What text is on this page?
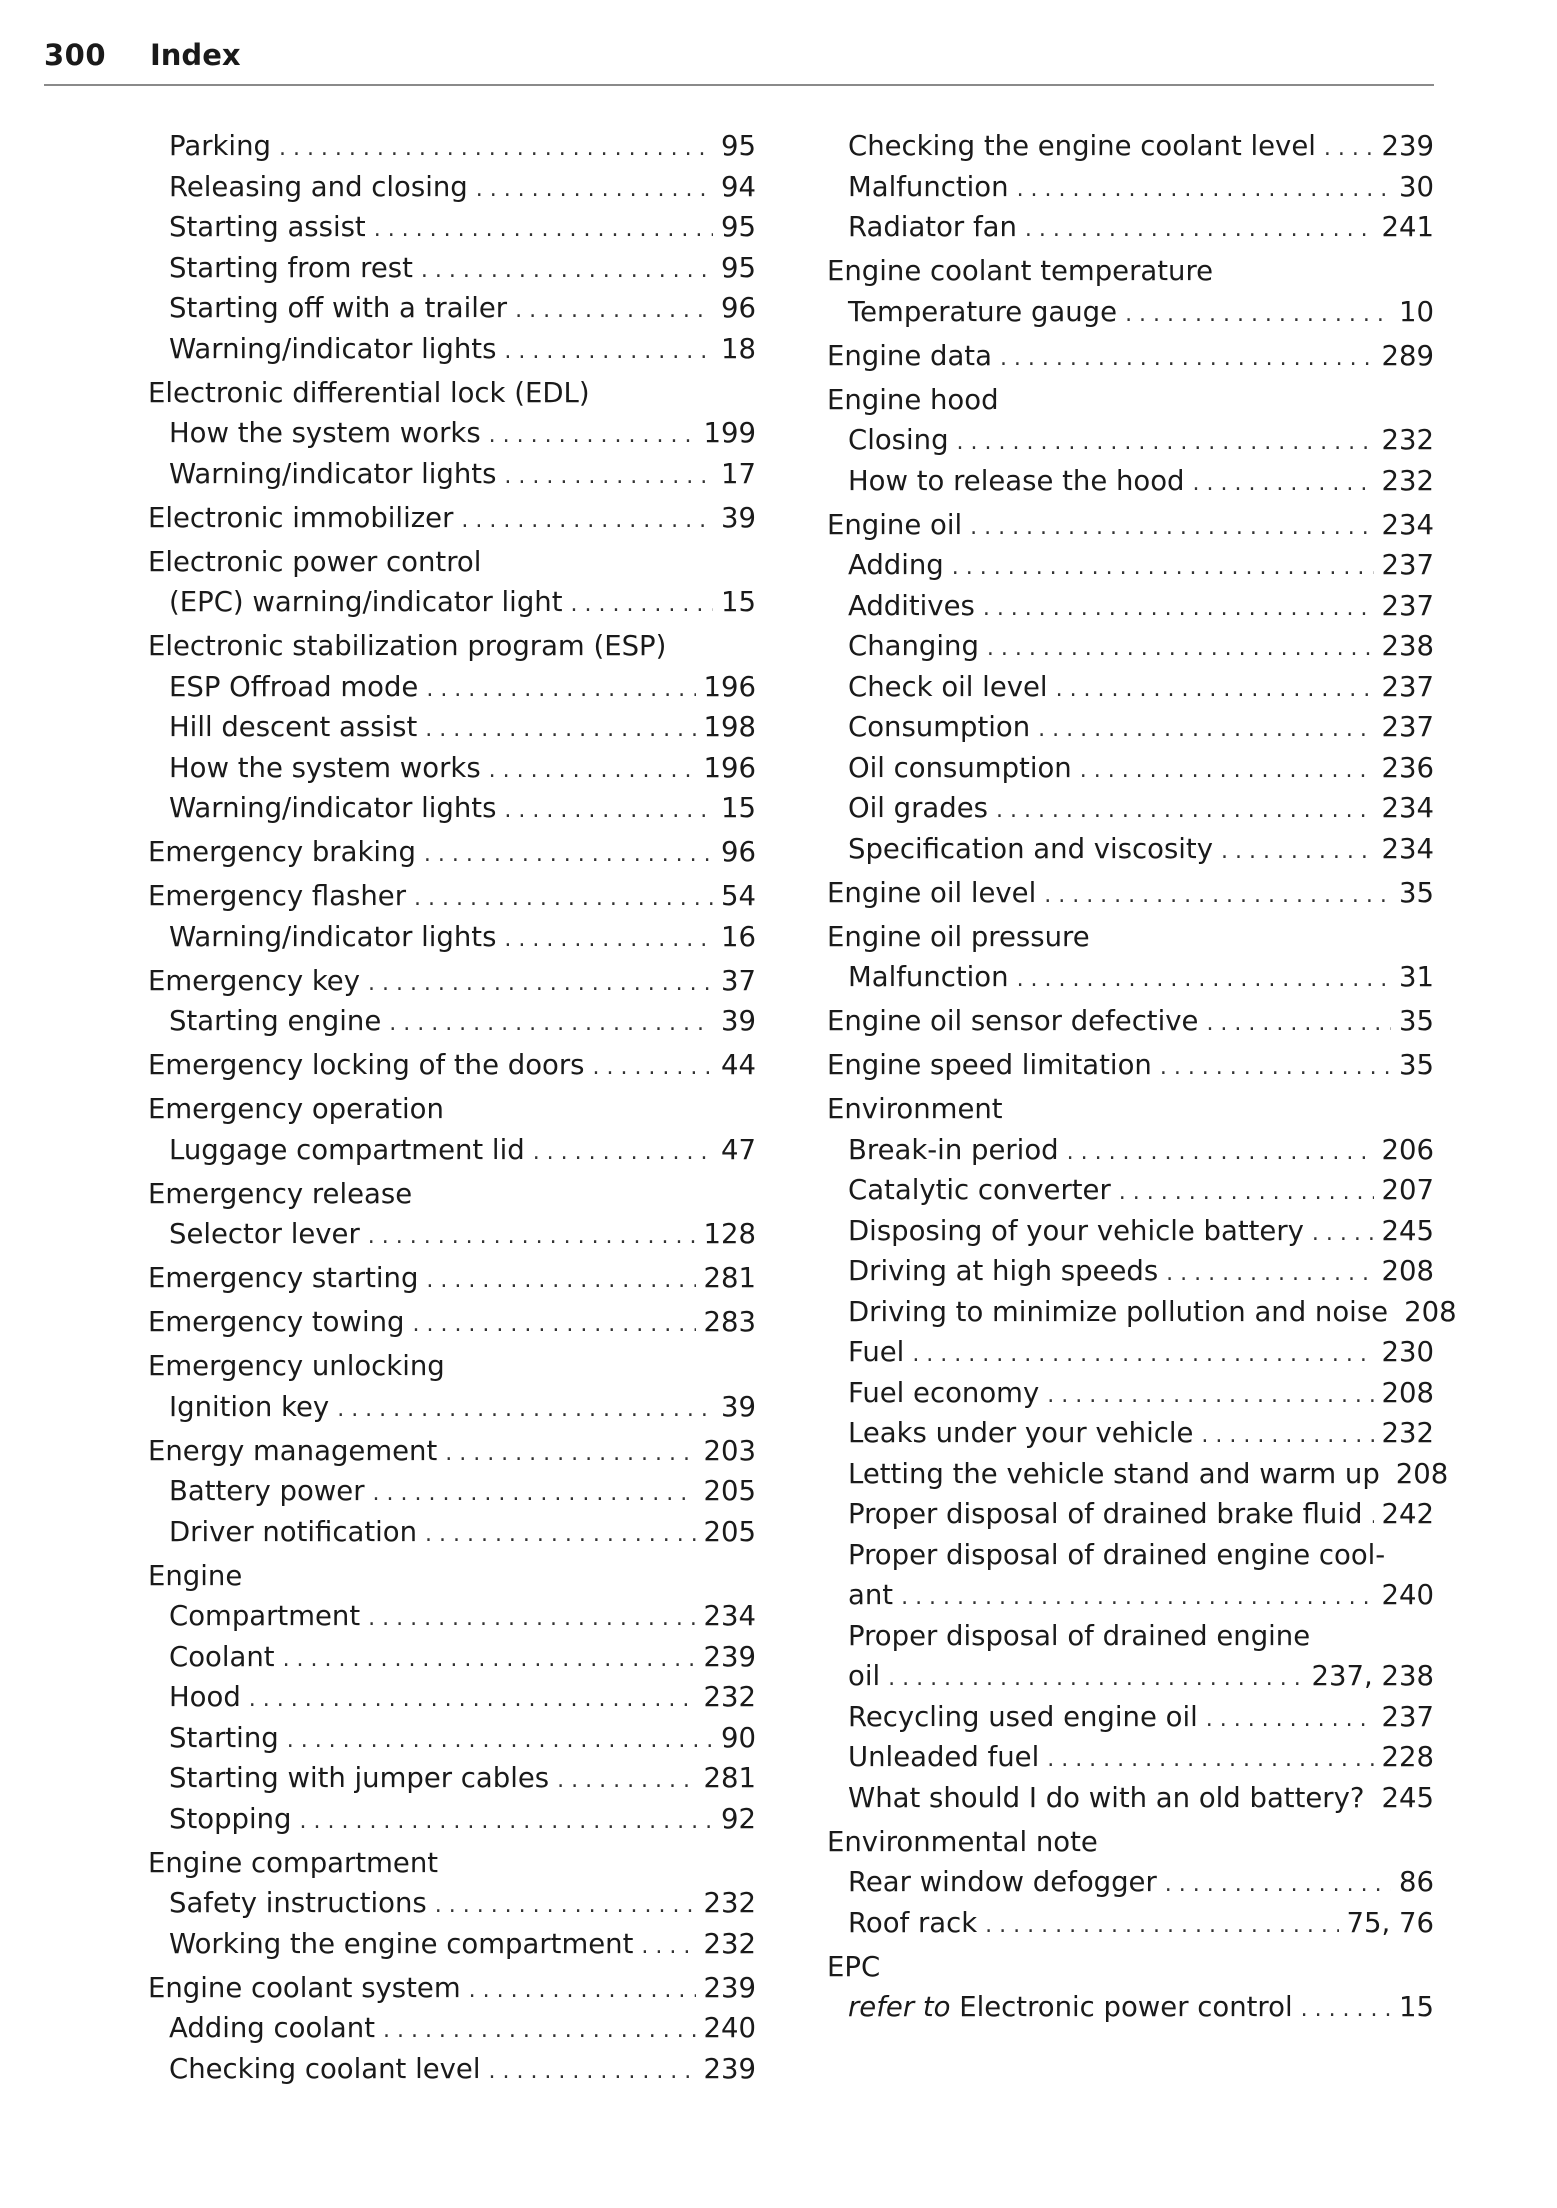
300	Index
Parking . . .	95
Releasing and closing . . .	94
Starting assist . . .	95
Starting from rest . . .	95
Starting off with a trailer . . .	96
Warning/indicator lights . . .	18
Electronic differential lock (EDL)
How the system works . . .	199
Warning/indicator lights . . .	17
Electronic immobilizer . . .	39
Electronic power control
(EPC) warning/indicator light . . .	15
Electronic stabilization program (ESP)
ESP Offroad mode . . .	196
Hill descent assist . . .	198
How the system works . . .	196
Warning/indicator lights . . .	15
Emergency braking . . .	96
Emergency flasher . . .	54
Warning/indicator lights . . .	16
Emergency key . . .	37
Starting engine . . .	39
Emergency locking of the doors . . .	44
Emergency operation
Luggage compartment lid . . .	47
Emergency release
Selector lever . . .	128
Emergency starting . . .	281
Emergency towing . . .	283
Emergency unlocking
Ignition key . . .	39
Energy management . . .	203
Battery power . . .	205
Driver notification . . .	205
Engine
Compartment . . .	234
Coolant . . .	239
Hood . . .	232
Starting . . .	90
Starting with jumper cables . . .	281
Stopping . . .	92
Engine compartment
Safety instructions . . .	232
Working the engine compartment . . .	232
Engine coolant system . . .	239
Adding coolant . . .	240
Checking coolant level . . .	239
Checking the engine coolant level . . . 239
Malfunction . . .	30
Radiator fan . . .	241
Engine coolant temperature
Temperature gauge . . .	10
Engine data . . .	289
Engine hood
Closing . . .	232
How to release the hood . . .	232
Engine oil . . .	234
Adding . . .	237
Additives . . .	237
Changing . . .	238
Check oil level . . .	237
Consumption . . .	237
Oil consumption . . .	236
Oil grades . . .	234
Specification and viscosity . . .	234
Engine oil level . . .	35
Engine oil pressure
Malfunction . . .	31
Engine oil sensor defective . . .	35
Engine speed limitation . . .	35
Environment
Break-in period . . .	206
Catalytic converter . . .	207
Disposing of your vehicle battery . . .	245
Driving at high speeds . . .	208
Driving to minimize pollution and noise 208
Fuel . . .	230
Fuel economy . . .	208
Leaks under your vehicle . . .	232
Letting the vehicle stand and warm up 208
Proper disposal of drained brake fluid . . . 242
Proper disposal of drained engine cool-
ant . . .	240
Proper disposal of drained engine
oil . . .	237, 238
Recycling used engine oil . . .	237
Unleaded fuel . . .	228
What should I do with an old battery? . . . 245
Environmental note
Rear window defogger . . .	86
Roof rack . . .	75, 76
EPC
refer to Electronic power control . . .	15
